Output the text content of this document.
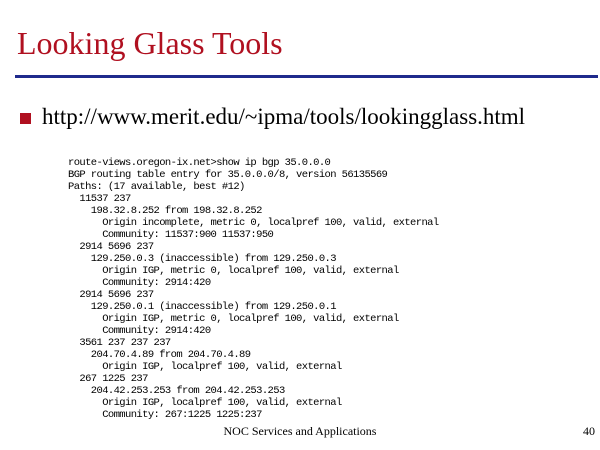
Looking Glass Tools
http://www.merit.edu/~ipma/tools/lookingglass.html
route-views.oregon-ix.net>show ip bgp 35.0.0.0
BGP routing table entry for 35.0.0.0/8, version 56135569
Paths: (17 available, best #12)
11537 237
198.32.8.252 from 198.32.8.252
Origin incomplete, metric 0, localpref 100, valid, external
Community: 11537:900 11537:950
2914 5696 237
129.250.0.3 (inaccessible) from 129.250.0.3
Origin IGP, metric 0, localpref 100, valid, external
Community: 2914:420
2914 5696 237
129.250.0.1 (inaccessible) from 129.250.0.1
Origin IGP, metric 0, localpref 100, valid, external
Community: 2914:420
3561 237 237 237
204.70.4.89 from 204.70.4.89
Origin IGP, localpref 100, valid, external
267 1225 237
204.42.253.253 from 204.42.253.253
Origin IGP, localpref 100, valid, external
Community: 267:1225 1225:237
NOC Services and Applications	40
